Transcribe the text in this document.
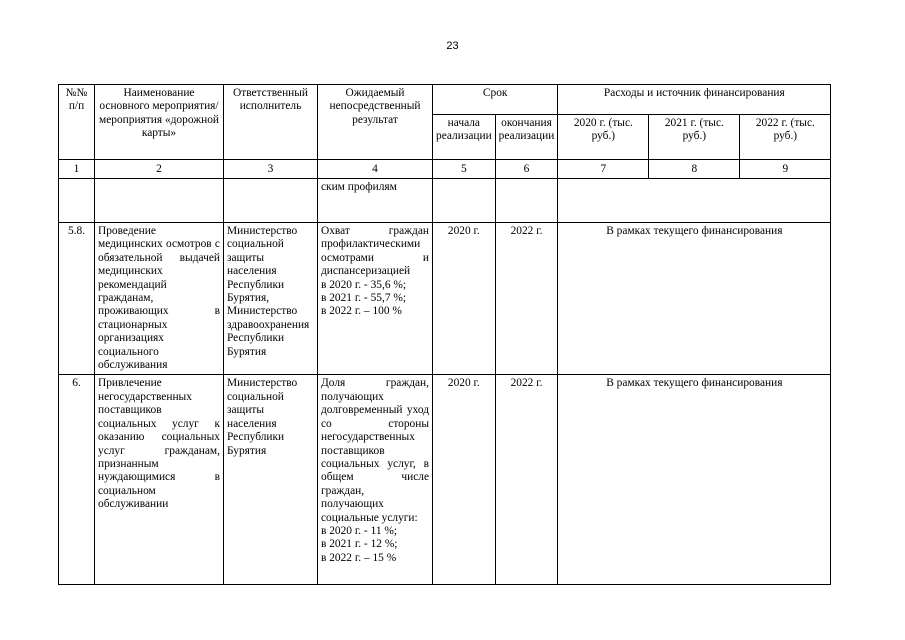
23
№№ п/п	Наименование основного мероприятия/мероприятия «дорожной карты»	Ответственный исполнитель	Ожидаемый непосредственный результат	Срок		Расходы и источник финансирования		
				начала реализации	окончания реализации	2020 г. (тыс. руб.)	2021 г. (тыс. руб.)	2022 г. (тыс. руб.)
1	2	3	4	5	6	7	8	9

			ским профилям					

5.8.	Проведение медицинских осмотров с обязательной выдачей медицинских рекомендаций гражданам, проживающих в стационарных организациях социального обслуживания	Министерство социальной защиты населения Республики Бурятия, Министерство здравоохранения Республики Бурятия	Охват граждан профилактическими осмотрами и диспансеризацией
в 2020 г. - 35,6 %;
в 2021 г. - 55,7 %;
в 2022 г. – 100 %	2020 г.	2022 г.	В рамках текущего финансирования		
6.	Привлечение негосударственных поставщиков социальных услуг к оказанию социальных услуг гражданам, признанным нуждающимися в социальном обслуживании	Министерство социальной защиты населения Республики Бурятия	Доля граждан, получающих долговременный уход со стороны негосударственных поставщиков социальных услуг, в общем числе граждан, получающих социальные услуги:
в 2020 г. - 11 %;
в 2021 г. - 12 %;
в 2022 г. – 15 %	2020 г.	2022 г.	В рамках текущего финансирования		
